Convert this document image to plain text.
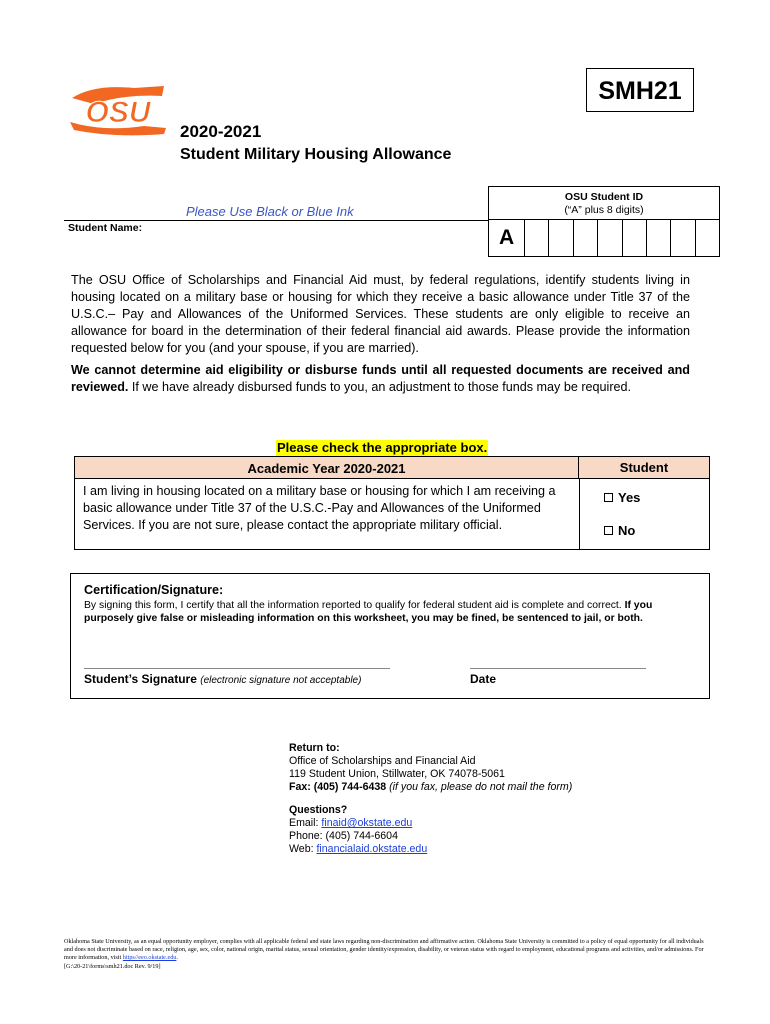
OSU
SMH21
2020-2021
Student Military Housing Allowance
Please Use Black or Blue Ink
Student Name:
OSU Student ID
(“A” plus 8 digits)
A
The OSU Office of Scholarships and Financial Aid must, by federal regulations, identify students living in housing located on a military base or housing for which they receive a basic allowance under Title 37 of the U.S.C.– Pay and Allowances of the Uniformed Services. These students are only eligible to receive an allowance for board in the determination of their federal financial aid awards. Please provide the information requested below for you (and your spouse, if you are married).
We cannot determine aid eligibility or disburse funds until all requested documents are received and reviewed. If we have already disbursed funds to you, an adjustment to those funds may be required.
Please check the appropriate box.
Academic Year 2020-2021	Student
I am living in housing located on a military base or housing for which I am receiving a basic allowance under Title 37 of the U.S.C.-Pay and Allowances of the Uniformed Services. If you are not sure, please contact the appropriate military official.
Yes
No
Certification/Signature:
By signing this form, I certify that all the information reported to qualify for federal student aid is complete and correct. If you purposely give false or misleading information on this worksheet, you may be fined, be sentenced to jail, or both.
Student’s Signature (electronic signature not acceptable)	Date
Return to:
Office of Scholarships and Financial Aid
119 Student Union, Stillwater, OK 74078-5061
Fax: (405) 744-6438 (if you fax, please do not mail the form)
Questions?
Email: finaid@okstate.edu
Phone: (405) 744-6604
Web: financialaid.okstate.edu
Oklahoma State University, as an equal opportunity employer, complies with all applicable federal and state laws regarding non-discrimination and affirmative action. Oklahoma State University is committed to a policy of equal opportunity for all individuals and does not discriminate based on race, religion, age, sex, color, national origin, marital status, sexual orientation, gender identity/expression, disability, or veteran status with regard to employment, educational programs and activities, and/or admissions. For more information, visit https//eeo.okstate.edu.
[G:\20-21\forms\smh21.doc Rev. 9/19]
